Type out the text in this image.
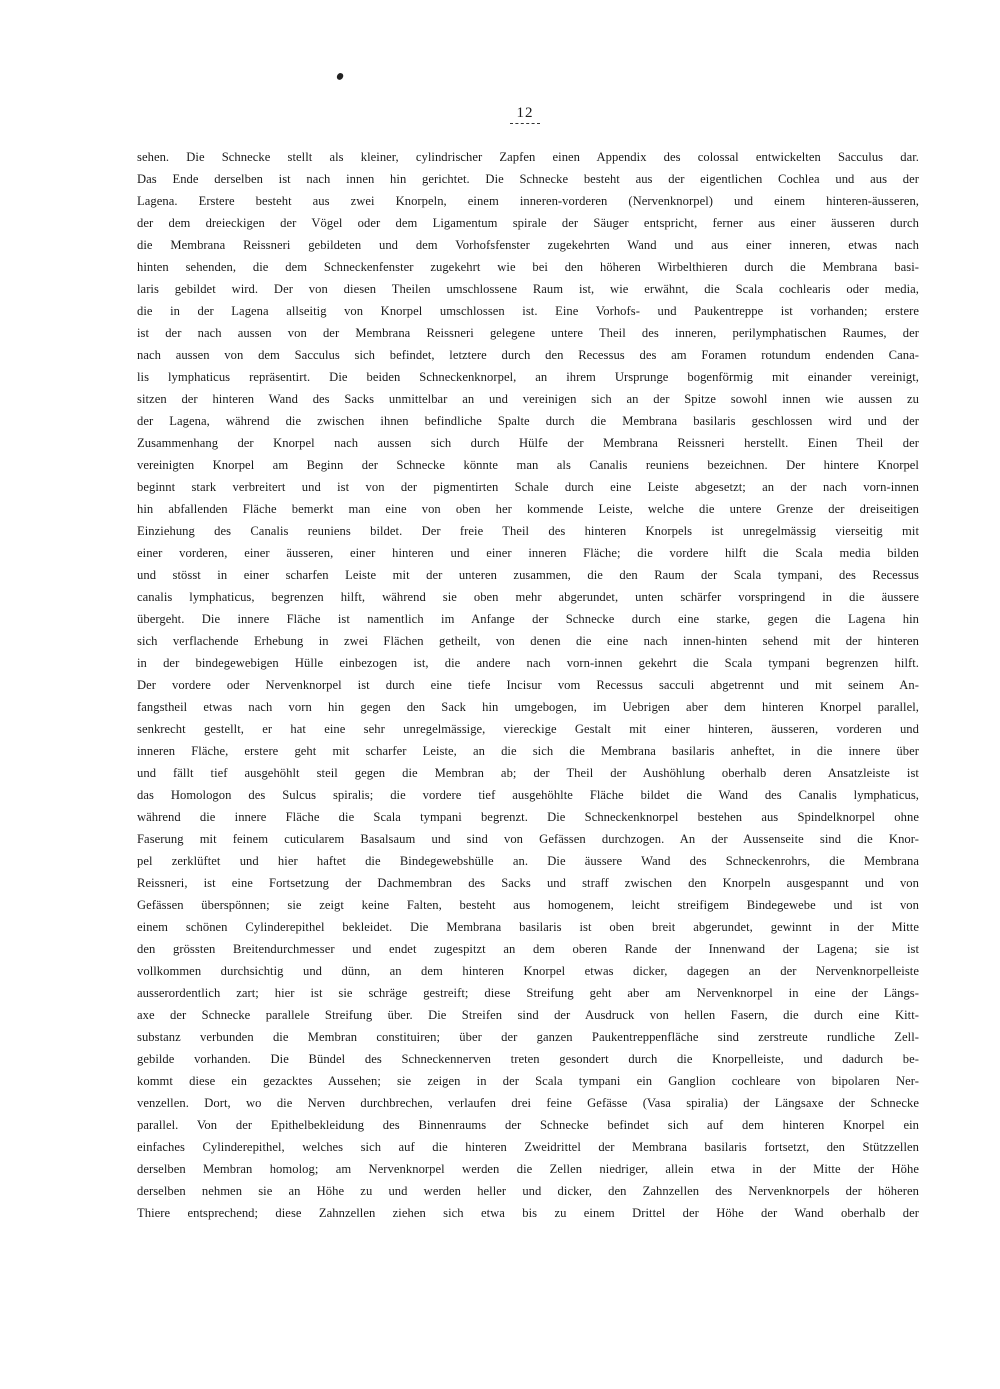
12
sehen. Die Schnecke stellt als kleiner, cylindrischer Zapfen einen Appendix des colossal entwickelten Sacculus dar.
Das Ende derselben ist nach innen hin gerichtet. Die Schnecke besteht aus der eigentlichen Cochlea und aus der
Lagena. Erstere besteht aus zwei Knorpeln, einem inneren-vorderen (Nervenknorpel) und einem hinteren-äusseren,
der dem dreieckigen der Vögel oder dem Ligamentum spirale der Säuger entspricht, ferner aus einer äusseren durch
die Membrana Reissneri gebildeten und dem Vorhofsfenster zugekehrten Wand und aus einer inneren, etwas nach
hinten sehenden, die dem Schneckenfenster zugekehrt wie bei den höheren Wirbelthieren durch die Membrana basi-
laris gebildet wird. Der von diesen Theilen umschlossene Raum ist, wie erwähnt, die Scala cochlearis oder media,
die in der Lagena allseitig von Knorpel umschlossen ist. Eine Vorhofs- und Paukentreppe ist vorhanden; erstere
ist der nach aussen von der Membrana Reissneri gelegene untere Theil des inneren, perilymphatischen Raumes, der
nach aussen von dem Sacculus sich befindet, letztere durch den Recessus des am Foramen rotundum endenden Cana-
lis lymphaticus repräsentirt. Die beiden Schneckenknorpel, an ihrem Ursprunge bogenförmig mit einander vereinigt,
sitzen der hinteren Wand des Sacks unmittelbar an und vereinigen sich an der Spitze sowohl innen wie aussen zu
der Lagena, während die zwischen ihnen befindliche Spalte durch die Membrana basilaris geschlossen wird und der
Zusammenhang der Knorpel nach aussen sich durch Hülfe der Membrana Reissneri herstellt. Einen Theil der
vereinigten Knorpel am Beginn der Schnecke könnte man als Canalis reuniens bezeichnen. Der hintere Knorpel
beginnt stark verbreitert und ist von der pigmentirten Schale durch eine Leiste abgesetzt; an der nach vorn-innen
hin abfallenden Fläche bemerkt man eine von oben her kommende Leiste, welche die untere Grenze der dreiseitigen
Einziehung des Canalis reuniens bildet. Der freie Theil des hinteren Knorpels ist unregelmässig vierseitig mit
einer vorderen, einer äusseren, einer hinteren und einer inneren Fläche; die vordere hilft die Scala media bilden
und stösst in einer scharfen Leiste mit der unteren zusammen, die den Raum der Scala tympani, des Recessus
canalis lymphaticus, begrenzen hilft, während sie oben mehr abgerundet, unten schärfer vorspringend in die äussere
übergeht. Die innere Fläche ist namentlich im Anfange der Schnecke durch eine starke, gegen die Lagena hin
sich verflachende Erhebung in zwei Flächen getheilt, von denen die eine nach innen-hinten sehend mit der hinteren
in der bindegewebigen Hülle einbezogen ist, die andere nach vorn-innen gekehrt die Scala tympani begrenzen hilft.
Der vordere oder Nervenknorpel ist durch eine tiefe Incisur vom Recessus sacculi abgetrennt und mit seinem An-
fangstheil etwas nach vorn hin gegen den Sack hin umgebogen, im Uebrigen aber dem hinteren Knorpel parallel,
senkrecht gestellt, er hat eine sehr unregelmässige, viereckige Gestalt mit einer hinteren, äusseren, vorderen und
inneren Fläche, erstere geht mit scharfer Leiste, an die sich die Membrana basilaris anheftet, in die innere über
und fällt tief ausgehöhlt steil gegen die Membran ab; der Theil der Aushöhlung oberhalb deren Ansatzleiste ist
das Homologon des Sulcus spiralis; die vordere tief ausgehöhlte Fläche bildet die Wand des Canalis lymphaticus,
während die innere Fläche die Scala tympani begrenzt. Die Schneckenknorpel bestehen aus Spindelknorpel ohne
Faserung mit feinem cuticularem Basalsaum und sind von Gefässen durchzogen. An der Aussenseite sind die Knor-
pel zerklüftet und hier haftet die Bindegewebshülle an. Die äussere Wand des Schneckenrohrs, die Membrana
Reissneri, ist eine Fortsetzung der Dachmembran des Sacks und straff zwischen den Knorpeln ausgespannt und von
Gefässen überspönnen; sie zeigt keine Falten, besteht aus homogenem, leicht streifigem Bindegewebe und ist von
einem schönen Cylinderepithel bekleidet. Die Membrana basilaris ist oben breit abgerundet, gewinnt in der Mitte
den grössten Breitendurchmesser und endet zugespitzt an dem oberen Rande der Innenwand der Lagena; sie ist
vollkommen durchsichtig und dünn, an dem hinteren Knorpel etwas dicker, dagegen an der Nervenknorpelleiste
ausserordentlich zart; hier ist sie schräge gestreift; diese Streifung geht aber am Nervenknorpel in eine der Längs-
axe der Schnecke parallele Streifung über. Die Streifen sind der Ausdruck von hellen Fasern, die durch eine Kitt-
substanz verbunden die Membran constituiren; über der ganzen Paukentreppenfläche sind zerstreute rundliche Zell-
gebilde vorhanden. Die Bündel des Schneckennerven treten gesondert durch die Knorpelleiste, und dadurch be-
kommt diese ein gezacktes Aussehen; sie zeigen in der Scala tympani ein Ganglion cochleare von bipolaren Ner-
venzellen. Dort, wo die Nerven durchbrechen, verlaufen drei feine Gefässe (Vasa spiralia) der Längsaxe der Schnecke
parallel. Von der Epithelbekleidung des Binnenraums der Schnecke befindet sich auf dem hinteren Knorpel ein
einfaches Cylinderepithel, welches sich auf die hinteren Zweidrittel der Membrana basilaris fortsetzt, den Stützzellen
derselben Membran homolog; am Nervenknorpel werden die Zellen niedriger, allein etwa in der Mitte der Höhe
derselben nehmen sie an Höhe zu und werden heller und dicker, den Zahnzellen des Nervenknorpels der höheren
Thiere entsprechend; diese Zahnzellen ziehen sich etwa bis zu einem Drittel der Höhe der Wand oberhalb der
